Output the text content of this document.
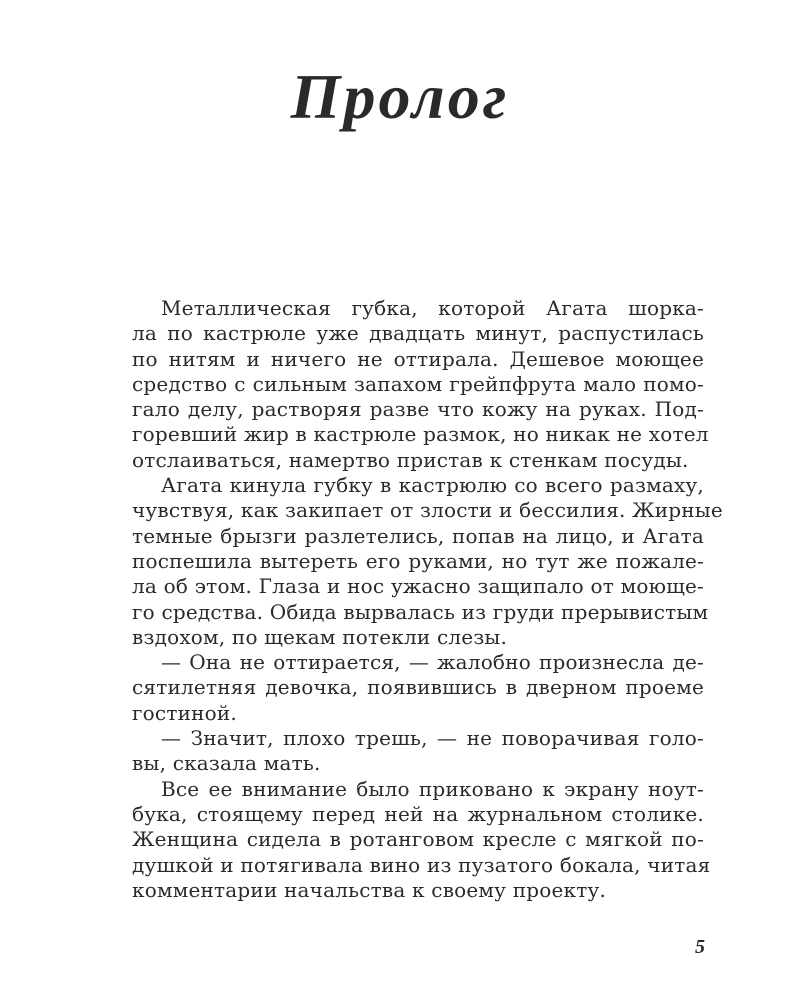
Пролог

Металлическая губка, которой Агата шорка-
ла по кастрюле уже двадцать минут, распустилась
по нитям и ничего не оттирала. Дешевое моющее
средство с сильным запахом грейпфрута мало помо-
гало делу, растворяя разве что кожу на руках. Под-
горевший жир в кастрюле размок, но никак не хотел
отслаиваться, намертво пристав к стенкам посуды.

Агата кинула губку в кастрюлю со всего размаху,
чувствуя, как закипает от злости и бессилия. Жирные
темные брызги разлетелись, попав на лицо, и Агата
поспешила вытереть его руками, но тут же пожале-
ла об этом. Глаза и нос ужасно защипало от моюще-
го средства. Обида вырвалась из груди прерывистым
вздохом, по щекам потекли слезы.

— Она не оттирается, — жалобно произнесла де-
сятилетняя девочка, появившись в дверном проеме
гостиной.

— Значит, плохо трешь, — не поворачивая голо-
вы, сказала мать.

Все ее внимание было приковано к экрану ноут-
бука, стоящему перед ней на журнальном столике.
Женщина сидела в ротанговом кресле с мягкой по-
душкой и потягивала вино из пузатого бокала, читая
комментарии начальства к своему проекту.

5
